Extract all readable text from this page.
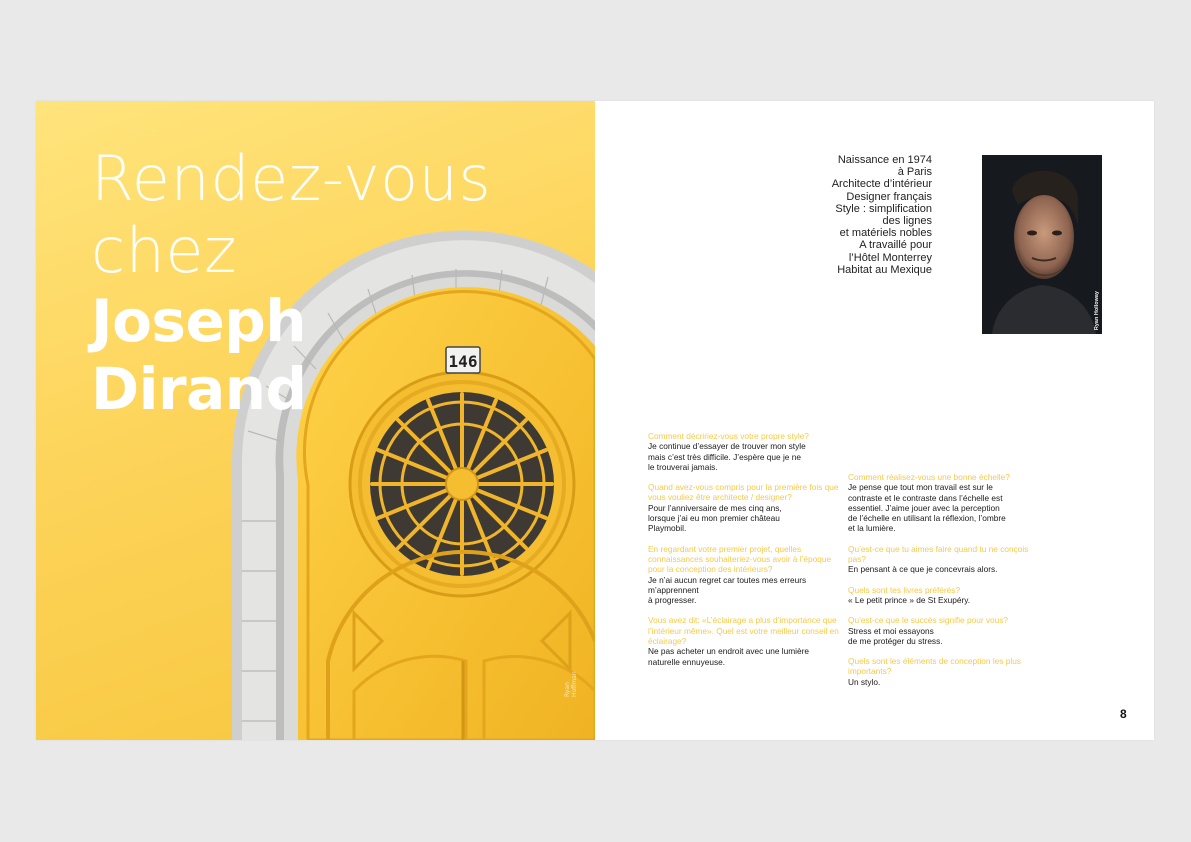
146
Rendez-vous
chez
Joseph
Dirand
Ryan Hoffman
Naissance en 1974
à Paris
Architecte d’intérieur
Designer français
Style : simplification
des lignes
et matériels nobles
A travaillé pour
l’Hôtel Monterrey
Habitat au Mexique
Ryan Holloway
Comment décririez-vous votre propre style?
Je continue d’essayer de trouver mon style
mais c’est très difficile. J’espère que je ne
le trouverai jamais.
Quand avez-vous compris pour la première fois que vous vouliez être architecte / designer?
Pour l’anniversaire de mes cinq ans,
lorsque j’ai eu mon premier château
Playmobil.
En regardant votre premier projet, quelles connaissances souhaiteriez-vous avoir à l’époque pour la conception des intérieurs?
Je n’ai aucun regret car toutes mes erreurs
m’apprennent
à progresser.
Vous avez dit: «L’éclairage a plus d’importance que l’intérieur même». Quel est votre meilleur conseil en éclairage?
Ne pas acheter un endroit avec une lumière
naturelle ennuyeuse.
Comment réalisez-vous une bonne échelle?
Je pense que tout mon travail est sur le
contraste et le contraste dans l’échelle est
essentiel. J’aime jouer avec la perception
de l’échelle en utilisant la réflexion, l’ombre
et la lumière.
Qu’est-ce que tu aimes faire quand tu ne conçois pas?
En pensant à ce que je concevrais alors.
Quels sont tes livres préférés?
« Le petit prince » de St Exupéry.
Qu’est-ce que le succès signifie pour vous?
Stress et moi essayons
de me protéger du stress.
Quels sont les éléments de conception les plus importants?
Un stylo.
8
